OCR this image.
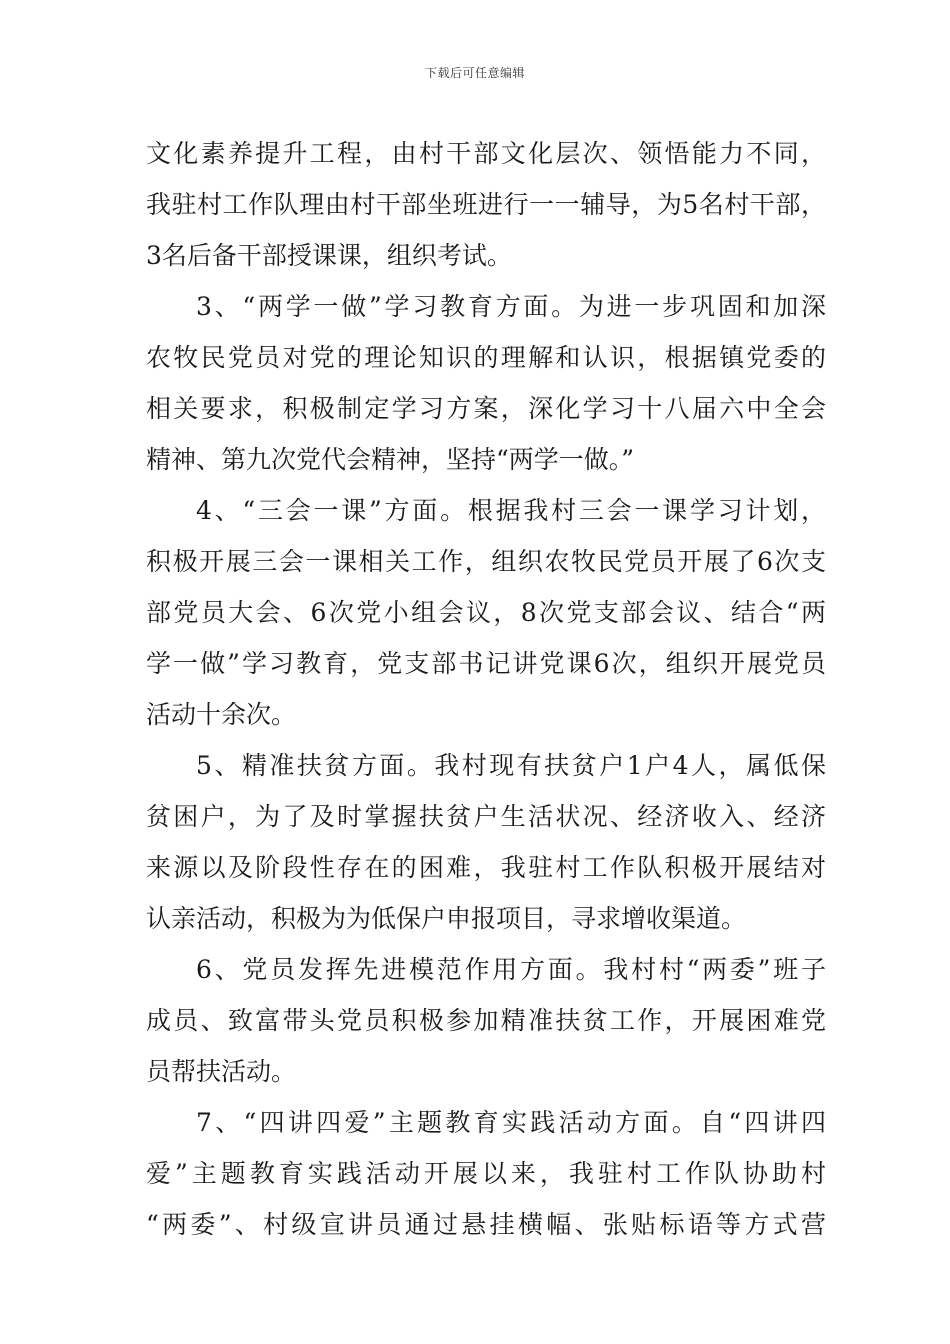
下载后可任意编辑
文化素养提升工程，由村干部文化层次、领悟能力不同，
我驻村工作队理由村干部坐班进行一一辅导，为5名村干部，
3名后备干部授课课，组织考试。
3、“两学一做”学习教育方面。为进一步巩固和加深
农牧民党员对党的理论知识的理解和认识，根据镇党委的
相关要求，积极制定学习方案，深化学习十八届六中全会
精神、第九次党代会精神，坚持“两学一做。”
4、“三会一课”方面。根据我村三会一课学习计划，
积极开展三会一课相关工作，组织农牧民党员开展了6次支
部党员大会、6次党小组会议，8次党支部会议、结合“两
学一做”学习教育，党支部书记讲党课6次，组织开展党员
活动十余次。
5、精准扶贫方面。我村现有扶贫户1户4人，属低保
贫困户，为了及时掌握扶贫户生活状况、经济收入、经济
来源以及阶段性存在的困难，我驻村工作队积极开展结对
认亲活动，积极为为低保户申报项目，寻求增收渠道。
6、党员发挥先进模范作用方面。我村村“两委”班子
成员、致富带头党员积极参加精准扶贫工作，开展困难党
员帮扶活动。
7、“四讲四爱”主题教育实践活动方面。自“四讲四
爱”主题教育实践活动开展以来，我驻村工作队协助村
“两委”、村级宣讲员通过悬挂横幅、张贴标语等方式营
